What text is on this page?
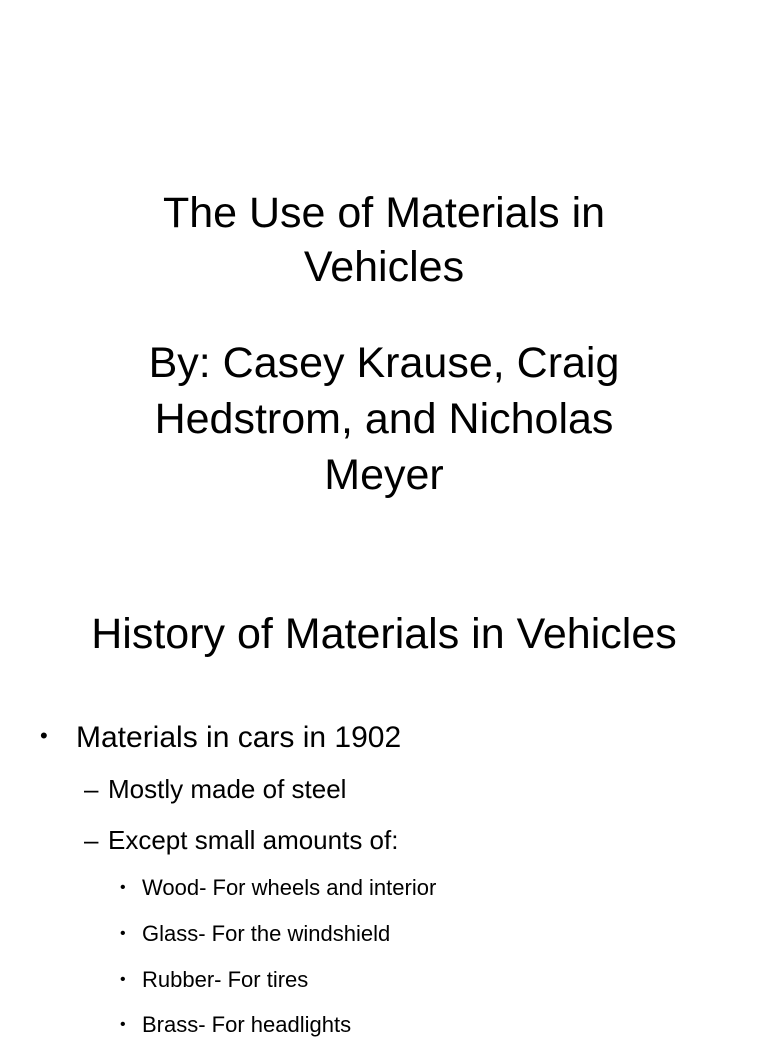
The Use of Materials in
Vehicles
By: Casey Krause, Craig
Hedstrom, and Nicholas
Meyer
History of Materials in Vehicles
• Materials in cars in 1902
– Mostly made of steel
– Except small amounts of:
• Wood- For wheels and interior
• Glass- For the windshield
• Rubber- For tires
• Brass- For headlights
